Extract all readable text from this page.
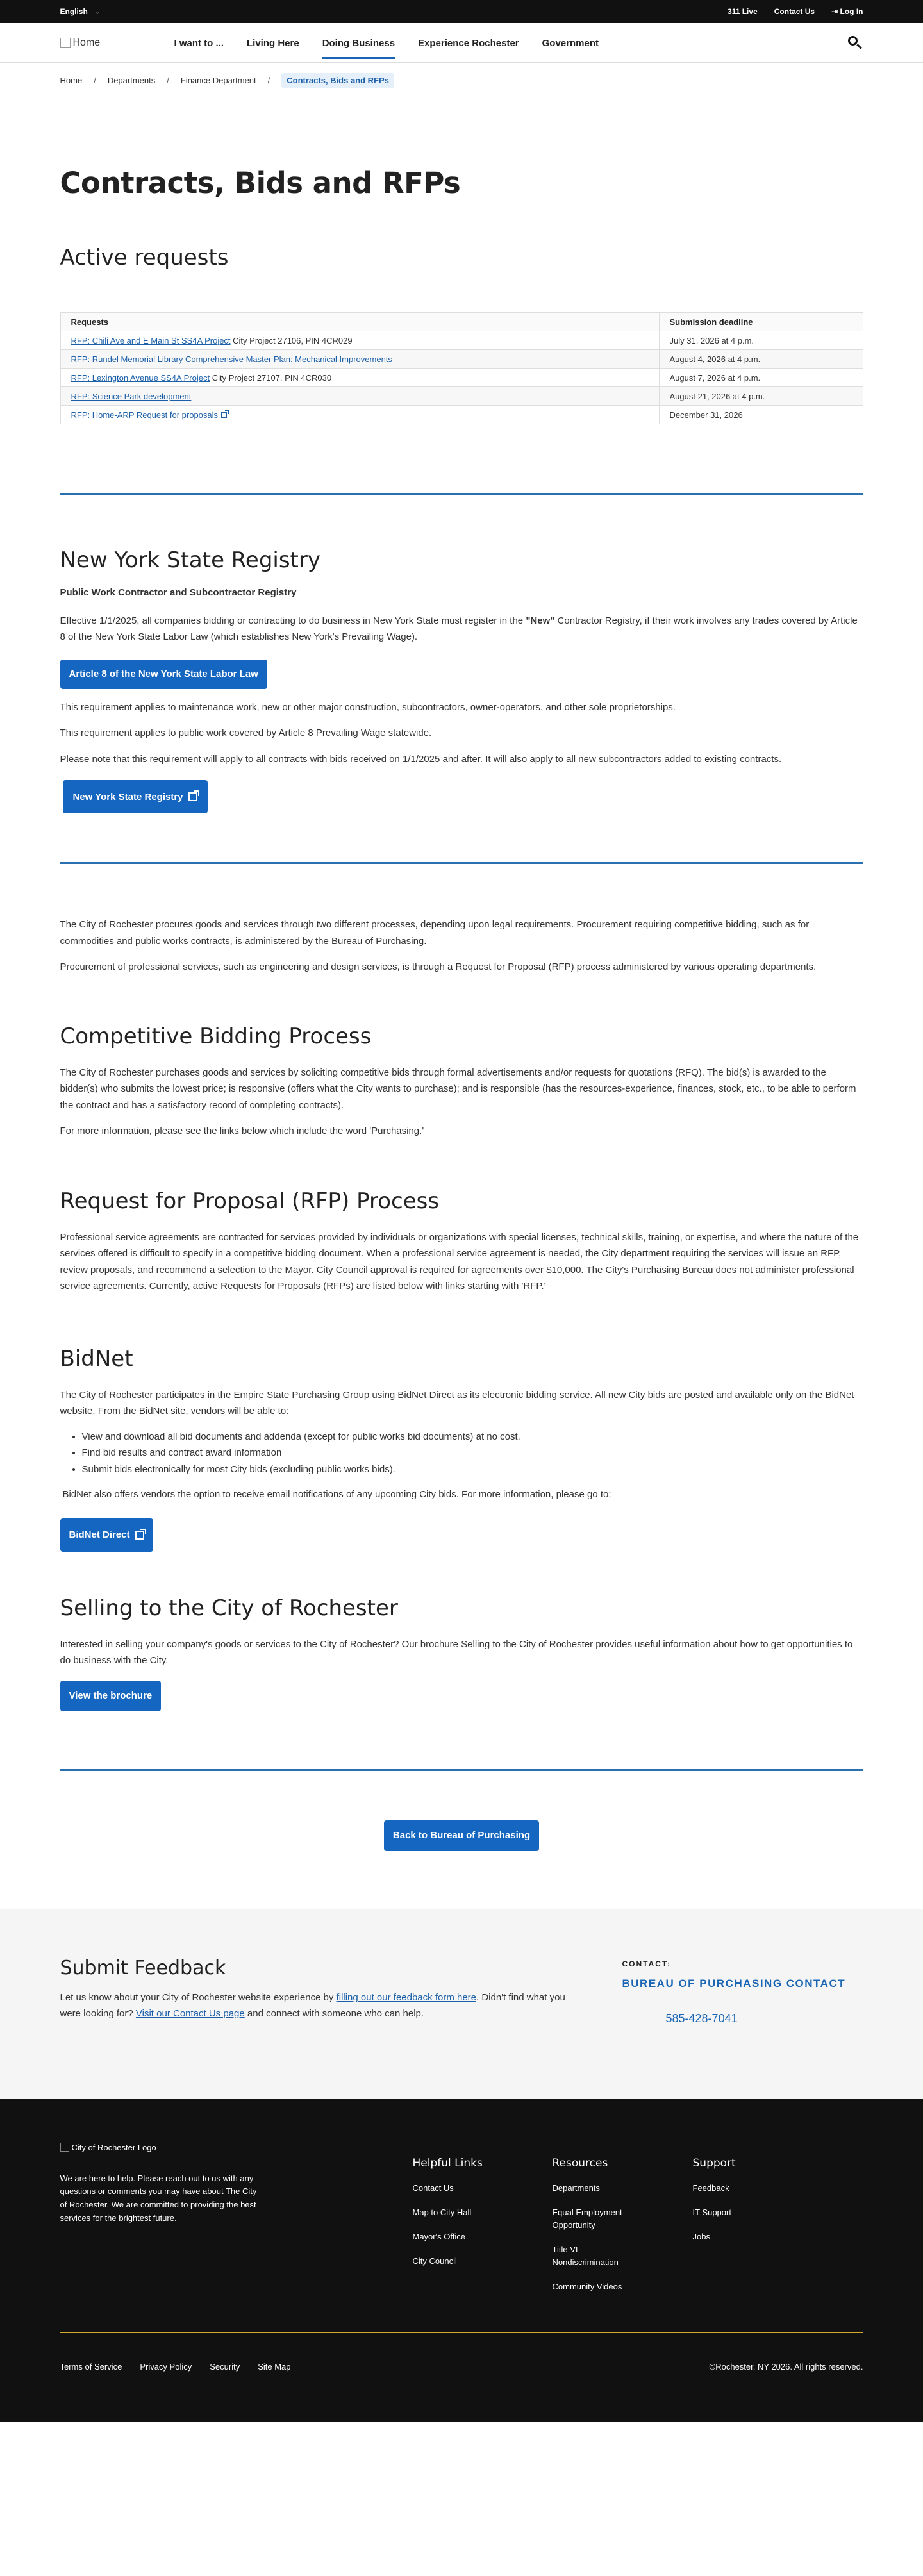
English ⌄	311 Live Contact Us ⇥ Log In
Home	I want to ...	Living Here	Doing Business	Experience Rochester	Government
Home / Departments / Finance Department /	Contracts, Bids and RFPs
Contracts, Bids and RFPs
Active requests
Requests	Submission deadline
RFP: Chili Ave and E Main St SS4A Project City Project 27106, PIN 4CR029	July 31, 2026 at 4 p.m.
RFP: Rundel Memorial Library Comprehensive Master Plan: Mechanical Improvements	August 4, 2026 at 4 p.m.
RFP: Lexington Avenue SS4A Project City Project 27107, PIN 4CR030	August 7, 2026 at 4 p.m.
RFP: Science Park development	August 21, 2026 at 4 p.m.
RFP: Home-ARP Request for proposals	December 31, 2026
New York State Registry

Public Work Contractor and Subcontractor Registry

Effective 1/1/2025, all companies bidding or contracting to do business in New York State must register in the "New" Contractor Registry, if their work involves any trades covered by Article 8 of the New York State Labor Law (which establishes New York's Prevailing Wage).

Article 8 of the New York State Labor Law

This requirement applies to maintenance work, new or other major construction, subcontractors, owner-operators, and other sole proprietorships.

This requirement applies to public work covered by Article 8 Prevailing Wage statewide.

Please note that this requirement will apply to all contracts with bids received on 1/1/2025 and after. It will also apply to all new subcontractors added to existing contracts.

New York State Registry

The City of Rochester procures goods and services through two different processes, depending upon legal requirements. Procurement requiring competitive bidding, such as for commodities and public works contracts, is administered by the Bureau of Purchasing.

Procurement of professional services, such as engineering and design services, is through a Request for Proposal (RFP) process administered by various operating departments.

Competitive Bidding Process

The City of Rochester purchases goods and services by soliciting competitive bids through formal advertisements and/or requests for quotations (RFQ). The bid(s) is awarded to the bidder(s) who submits the lowest price; is responsive (offers what the City wants to purchase); and is responsible (has the resources-experience, finances, stock, etc., to be able to perform the contract and has a satisfactory record of completing contracts).

For more information, please see the links below which include the word 'Purchasing.'

Request for Proposal (RFP) Process

Professional service agreements are contracted for services provided by individuals or organizations with special licenses, technical skills, training, or expertise, and where the nature of the services offered is difficult to specify in a competitive bidding document. When a professional service agreement is needed, the City department requiring the services will issue an RFP, review proposals, and recommend a selection to the Mayor. City Council approval is required for agreements over $10,000. The City's Purchasing Bureau does not administer professional service agreements. Currently, active Requests for Proposals (RFPs) are listed below with links starting with 'RFP.'

BidNet

The City of Rochester participates in the Empire State Purchasing Group using BidNet Direct as its electronic bidding service. All new City bids are posted and available only on the BidNet website. From the BidNet site, vendors will be able to:

• View and download all bid documents and addenda (except for public works bid documents) at no cost.
• Find bid results and contract award information
• Submit bids electronically for most City bids (excluding public works bids).

BidNet also offers vendors the option to receive email notifications of any upcoming City bids. For more information, please go to:

BidNet Direct
Selling to the City of Rochester

Interested in selling your company's goods or services to the City of Rochester? Our brochure Selling to the City of Rochester provides useful information about how to get opportunities to do business with the City.

View the brochure
Back to Bureau of Purchasing
Submit Feedback

Let us know about your City of Rochester website experience by filling out our feedback form here. Didn't find what you were looking for? Visit our Contact Us page and connect with someone who can help.

CONTACT:
BUREAU OF PURCHASING CONTACT
585-428-7041
City of Rochester Logo

We are here to help. Please reach out to us with any questions or comments you may have about The City of Rochester. We are committed to providing the best services for the brightest future.

Helpful Links
Contact Us
Map to City Hall
Mayor's Office
City Council
Resources
Departments
Equal Employment Opportunity
Title VI Nondiscrimination
Community Videos
Support
Feedback
IT Support
Jobs
Terms of Service Privacy Policy Security Site Map	©Rochester, NY 2026. All rights reserved.
